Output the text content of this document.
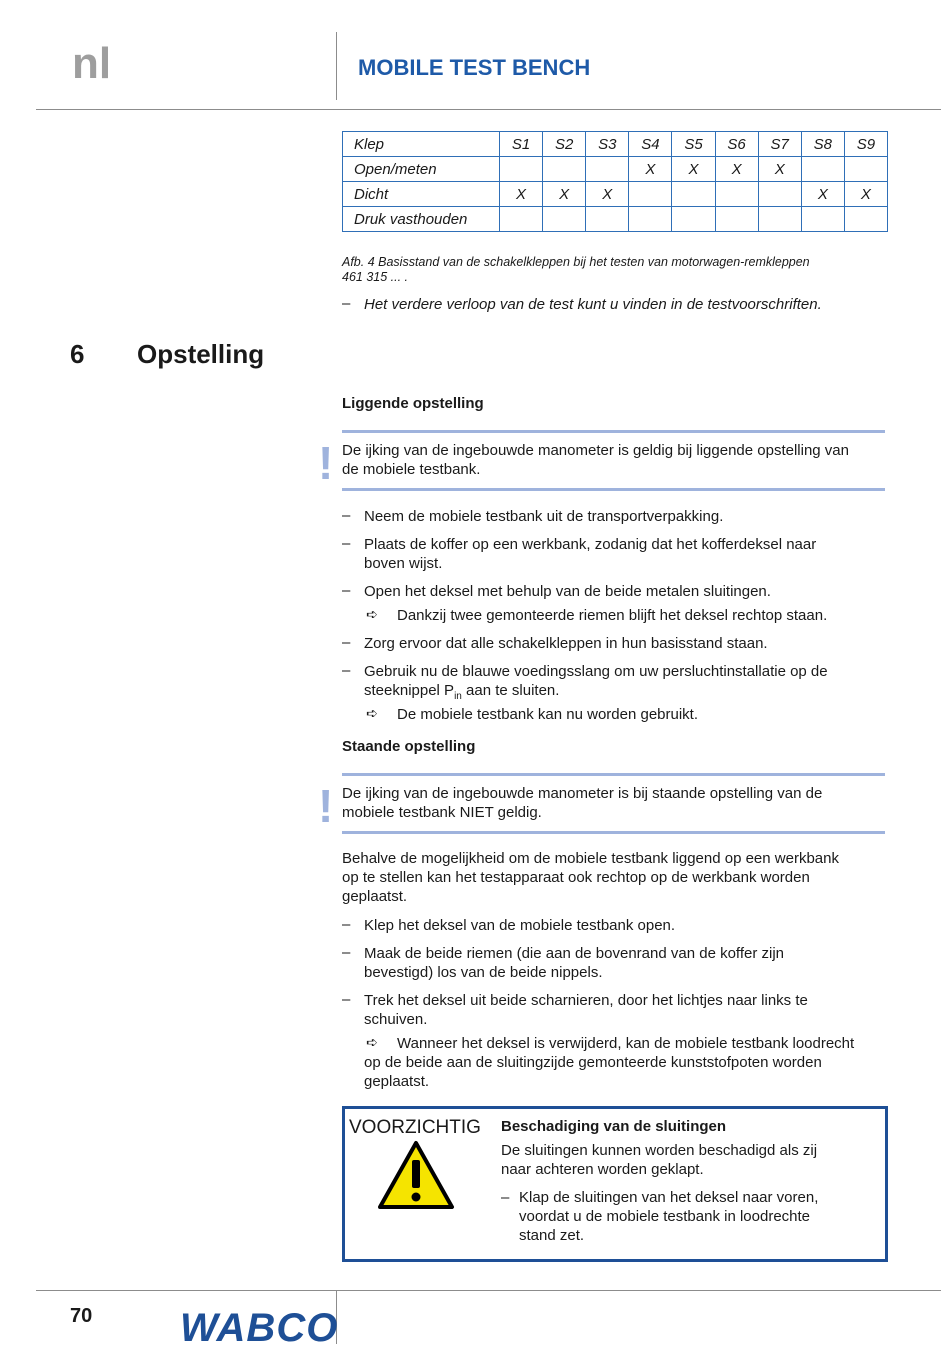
nl	MOBILE TEST BENCH
Klep	S1	S2	S3	S4	S5	S6	S7	S8	S9
Open/meten				X	X	X	X		
Dicht	X	X	X					X	X
Druk vasthouden									
Afb. 4 Basisstand van de schakelkleppen bij het testen van motorwagen-remkleppen
461 315 ... .
– Het verdere verloop van de test kunt u vinden in de testvoorschriften.
6 Opstelling
Liggende opstelling
! De ijking van de ingebouwde manometer is geldig bij liggende opstelling van
de mobiele testbank.
– Neem de mobiele testbank uit de transportverpakking.
– Plaats de koffer op een werkbank, zodanig dat het kofferdeksel naar
boven wijst.
– Open het deksel met behulp van de beide metalen sluitingen.
➪ Dankzij twee gemonteerde riemen blijft het deksel rechtop staan.
– Zorg ervoor dat alle schakelkleppen in hun basisstand staan.
– Gebruik nu de blauwe voedingsslang om uw persluchtinstallatie op de
steeknippel $P_{in}$ aan te sluiten.
➪ De mobiele testbank kan nu worden gebruikt.
Staande opstelling
! De ijking van de ingebouwde manometer is bij staande opstelling van de
mobiele testbank NIET geldig.
Behalve de mogelijkheid om de mobiele testbank liggend op een werkbank
op te stellen kan het testapparaat ook rechtop op de werkbank worden
geplaatst.
– Klep het deksel van de mobiele testbank open.
– Maak de beide riemen (die aan de bovenrand van de koffer zijn
bevestigd) los van de beide nippels.
– Trek het deksel uit beide scharnieren, door het lichtjes naar links te
schuiven.
➪ Wanneer het deksel is verwijderd, kan de mobiele testbank loodrecht
op de beide aan de sluitingzijde gemonteerde kunststofpoten worden
geplaatst.
VOORZICHTIG Beschadiging van de sluitingen
De sluitingen kunnen worden beschadigd als zij
naar achteren worden geklapt.
– Klap de sluitingen van het deksel naar voren,
voordat u de mobiele testbank in loodrechte
stand zet.
70 WABCO
